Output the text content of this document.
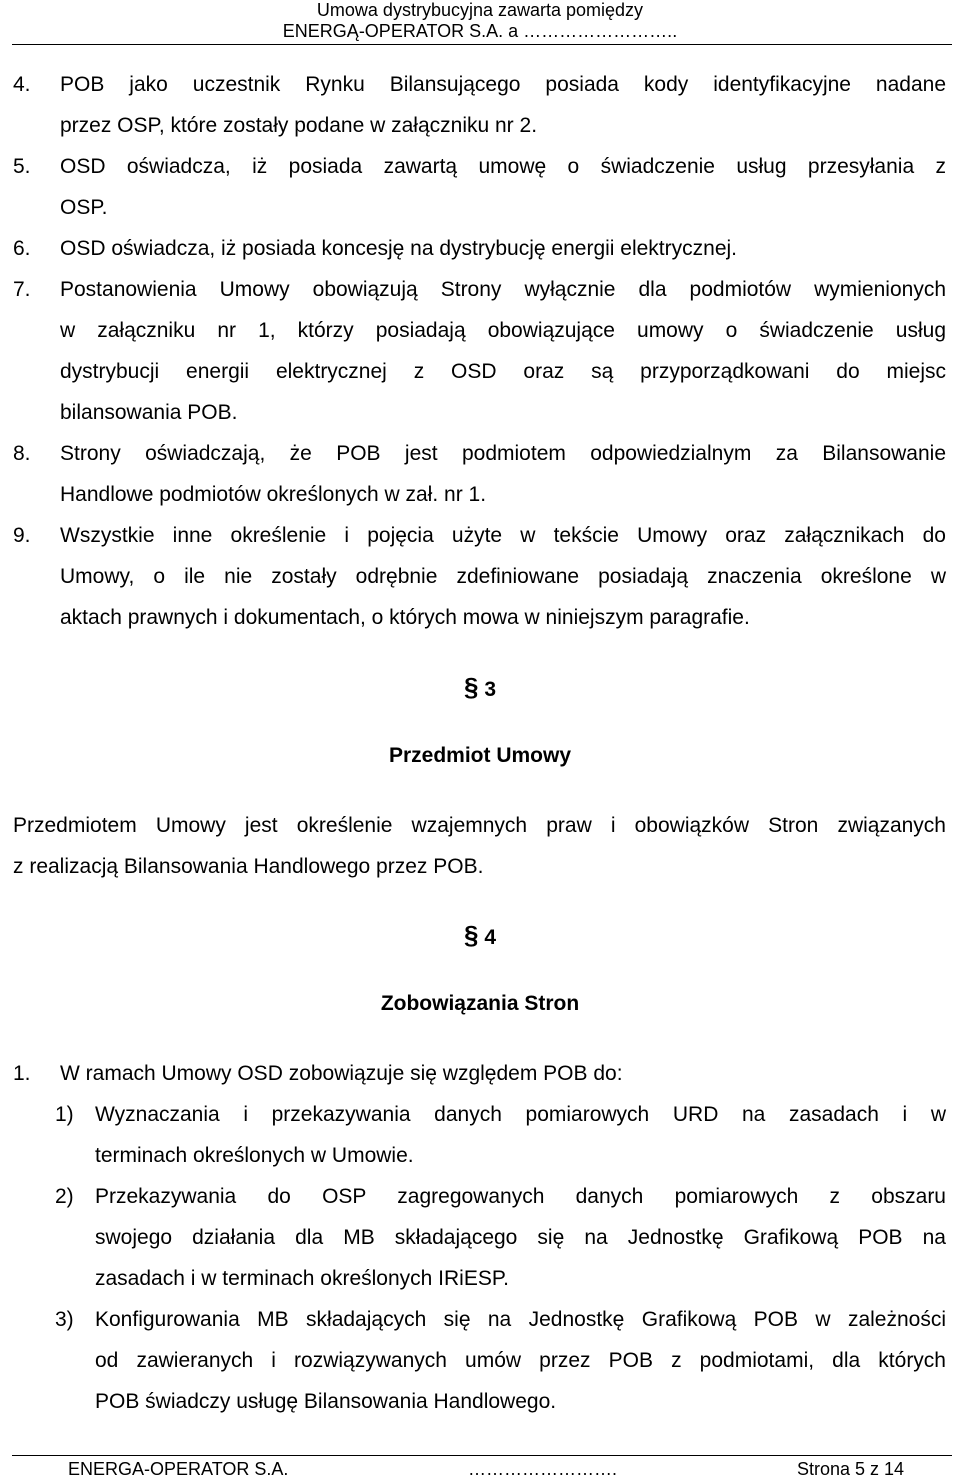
Umowa dystrybucyjna zawarta pomiędzy
ENERGĄ-OPERATOR S.A. a ……………………..
4. POB jako uczestnik Rynku Bilansującego posiada kody identyfikacyjne nadane
przez OSP, które zostały podane w załączniku nr 2.
5. OSD oświadcza, iż posiada zawartą umowę o świadczenie usług przesyłania z
OSP.
6. OSD oświadcza, iż posiada koncesję na dystrybucję energii elektrycznej.
7. Postanowienia Umowy obowiązują Strony wyłącznie dla podmiotów wymienionych
w załączniku nr 1, którzy posiadają obowiązujące umowy o świadczenie usług
dystrybucji energii elektrycznej z OSD oraz są przyporządkowani do miejsc
bilansowania POB.
8. Strony oświadczają, że POB jest podmiotem odpowiedzialnym za Bilansowanie
Handlowe podmiotów określonych w zał. nr 1.
9. Wszystkie inne określenie i pojęcia użyte w tekście Umowy oraz załącznikach do
Umowy, o ile nie zostały odrębnie zdefiniowane posiadają znaczenia określone w
aktach prawnych i dokumentach, o których mowa w niniejszym paragrafie.
§ 3
Przedmiot Umowy
Przedmiotem Umowy jest określenie wzajemnych praw i obowiązków Stron związanych
z realizacją Bilansowania Handlowego przez POB.
§ 4
Zobowiązania Stron
1. W ramach Umowy OSD zobowiązuje się względem POB do:
1) Wyznaczania i przekazywania danych pomiarowych URD na zasadach i w
terminach określonych w Umowie.
2) Przekazywania do OSP zagregowanych danych pomiarowych z obszaru
swojego działania dla MB składającego się na Jednostkę Grafikową POB na
zasadach i w terminach określonych IRiESP.
3) Konfigurowania MB składających się na Jednostkę Grafikową POB w zależności
od zawieranych i rozwiązywanych umów przez POB z podmiotami, dla których
POB świadczy usługę Bilansowania Handlowego.
ENERGA-OPERATOR S.A.	…………………….	Strona 5 z 14
